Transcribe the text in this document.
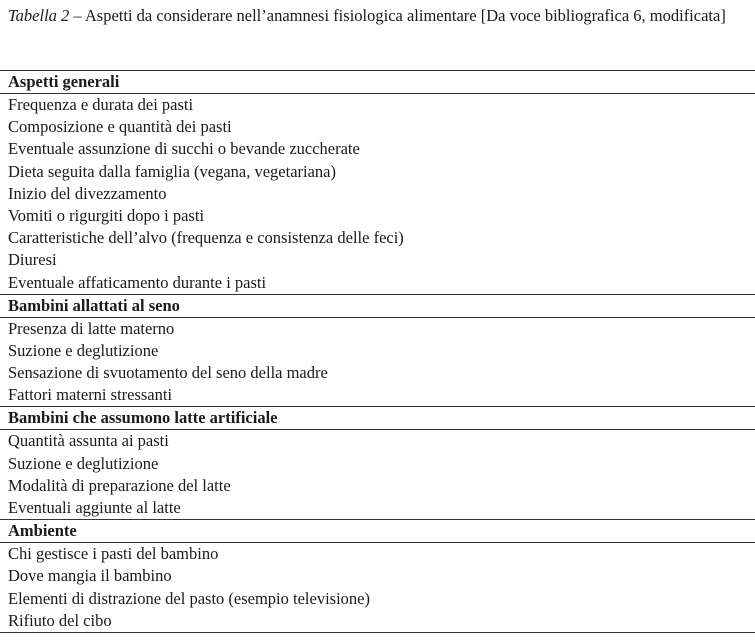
Tabella 2 – Aspetti da considerare nell’anamnesi fisiologica alimentare [Da voce bibliografica 6, modificata]
Aspetti generali
Frequenza e durata dei pasti
Composizione e quantità dei pasti
Eventuale assunzione di succhi o bevande zuccherate
Dieta seguita dalla famiglia (vegana, vegetariana)
Inizio del divezzamento
Vomiti o rigurgiti dopo i pasti
Caratteristiche dell’alvo (frequenza e consistenza delle feci)
Diuresi
Eventuale affaticamento durante i pasti
Bambini allattati al seno
Presenza di latte materno
Suzione e deglutizione
Sensazione di svuotamento del seno della madre
Fattori materni stressanti
Bambini che assumono latte artificiale
Quantità assunta ai pasti
Suzione e deglutizione
Modalità di preparazione del latte
Eventuali aggiunte al latte
Ambiente
Chi gestisce i pasti del bambino
Dove mangia il bambino
Elementi di distrazione del pasto (esempio televisione)
Rifiuto del cibo
